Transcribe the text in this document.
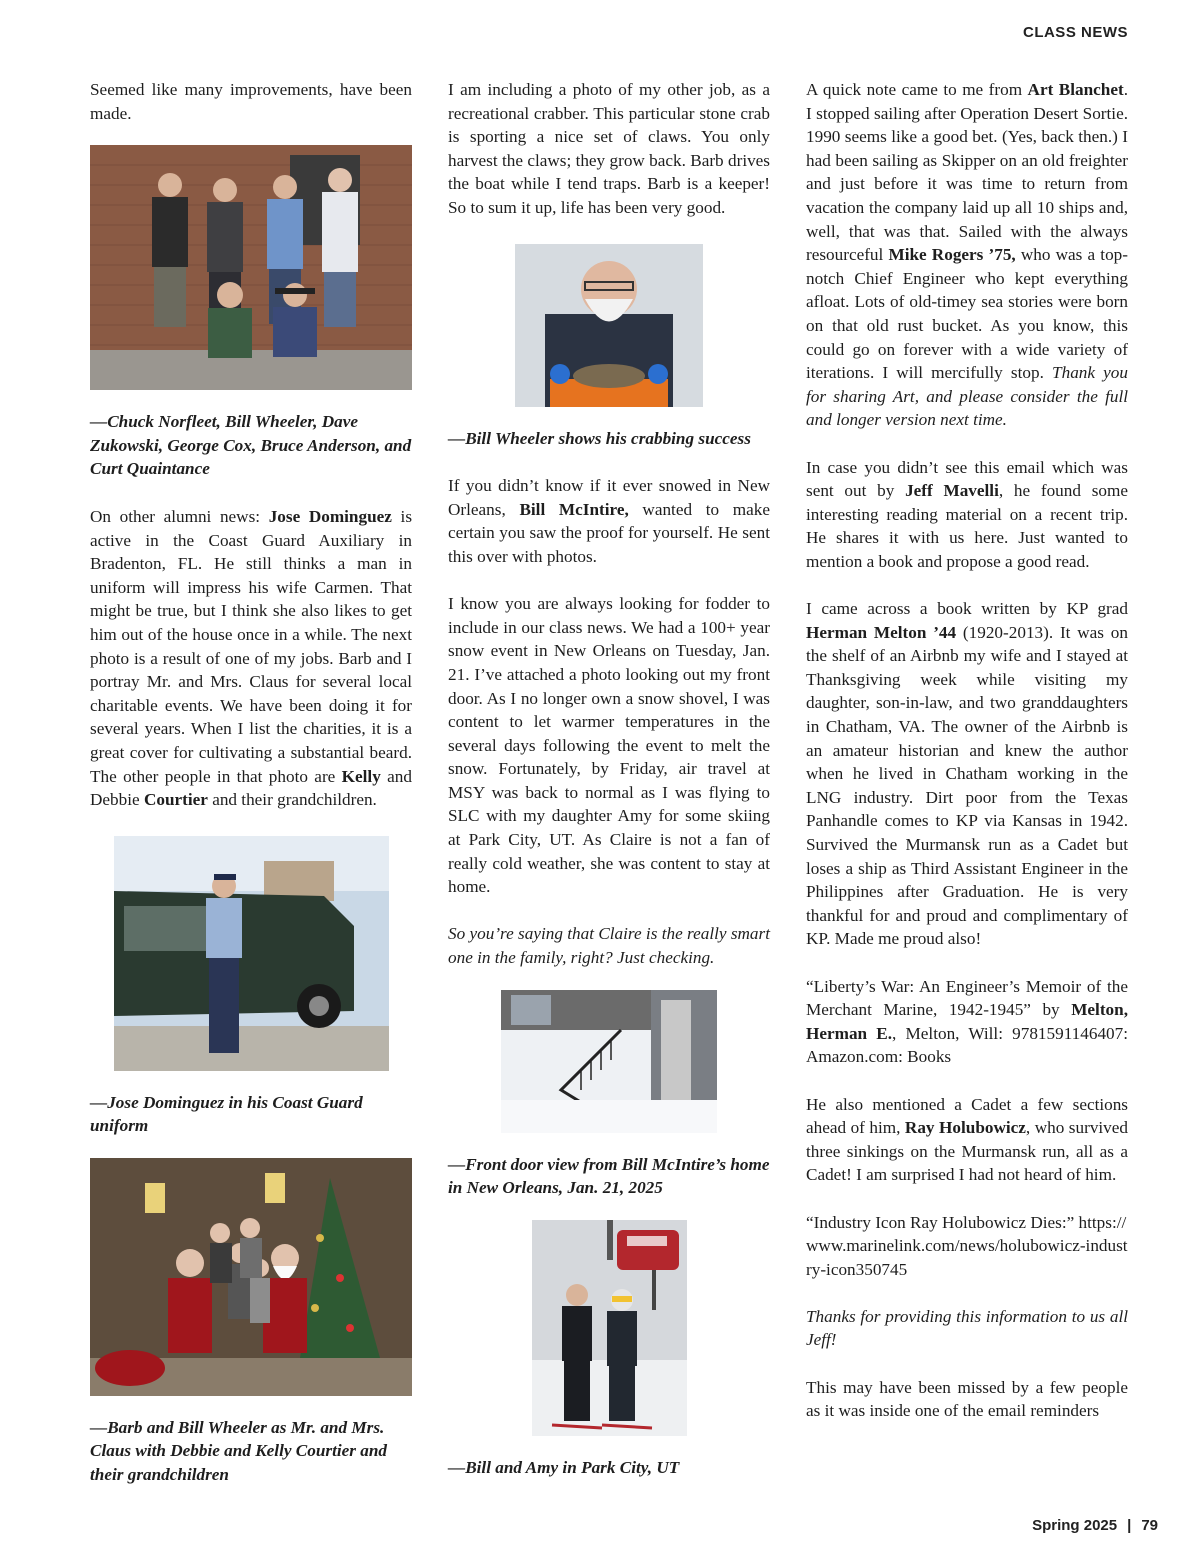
CLASS NEWS

Seemed like many improvements, have been made.

—Chuck Norfleet, Bill Wheeler, Dave Zukowski, George Cox, Bruce Anderson, and Curt Quaintance

On other alumni news: Jose Dominguez is active in the Coast Guard Auxiliary in Bradenton, FL. He still thinks a man in uniform will impress his wife Carmen. That might be true, but I think she also likes to get him out of the house once in a while. The next photo is a result of one of my jobs. Barb and I portray Mr. and Mrs. Claus for several local charitable events. We have been doing it for several years. When I list the charities, it is a great cover for cultivating a substantial beard. The other people in that photo are Kelly and Debbie Courtier and their grandchildren.

—Jose Dominguez in his Coast Guard uniform

—Barb and Bill Wheeler as Mr. and Mrs. Claus with Debbie and Kelly Courtier and their grandchildren

I am including a photo of my other job, as a recreational crabber. This particular stone crab is sporting a nice set of claws. You only harvest the claws; they grow back. Barb drives the boat while I tend traps. Barb is a keeper! So to sum it up, life has been very good.

—Bill Wheeler shows his crabbing success

If you didn’t know if it ever snowed in New Orleans, Bill McIntire, wanted to make certain you saw the proof for yourself. He sent this over with photos.

I know you are always looking for fodder to include in our class news. We had a 100+ year snow event in New Orleans on Tuesday, Jan. 21. I’ve attached a photo looking out my front door. As I no longer own a snow shovel, I was content to let warmer temperatures in the several days following the event to melt the snow. Fortunately, by Friday, air travel at MSY was back to normal as I was flying to SLC with my daughter Amy for some skiing at Park City, UT. As Claire is not a fan of really cold weather, she was content to stay at home.

So you’re saying that Claire is the really smart one in the family, right? Just checking.

—Front door view from Bill McIntire’s home in New Orleans, Jan. 21, 2025

—Bill and Amy in Park City, UT

A quick note came to me from Art Blanchet. I stopped sailing after Operation Desert Sortie. 1990 seems like a good bet. (Yes, back then.) I had been sailing as Skipper on an old freighter and just before it was time to return from vacation the company laid up all 10 ships and, well, that was that. Sailed with the always resourceful Mike Rogers ’75, who was a top-notch Chief Engineer who kept everything afloat. Lots of old-timey sea stories were born on that old rust bucket. As you know, this could go on forever with a wide variety of iterations. I will mercifully stop. Thank you for sharing Art, and please consider the full and longer version next time.

In case you didn’t see this email which was sent out by Jeff Mavelli, he found some interesting reading material on a recent trip. He shares it with us here. Just wanted to mention a book and propose a good read.

I came across a book written by KP grad Herman Melton ’44 (1920-2013). It was on the shelf of an Airbnb my wife and I stayed at Thanksgiving week while visiting my daughter, son-in-law, and two granddaughters in Chatham, VA. The owner of the Airbnb is an amateur historian and knew the author when he lived in Chatham working in the LNG industry. Dirt poor from the Texas Panhandle comes to KP via Kansas in 1942. Survived the Murmansk run as a Cadet but loses a ship as Third Assistant Engineer in the Philippines after Graduation. He is very thankful for and proud and complimentary of KP. Made me proud also!

“Liberty’s War: An Engineer’s Memoir of the Merchant Marine, 1942-1945” by Melton, Herman E., Melton, Will: 9781591146407: Amazon.com: Books

He also mentioned a Cadet a few sections ahead of him, Ray Holubowicz, who survived three sinkings on the Murmansk run, all as a Cadet! I am surprised I had not heard of him.

“Industry Icon Ray Holubowicz Dies:” https://www.marinelink.com/news/holubowicz-industry-icon350745

Thanks for providing this information to us all Jeff!

This may have been missed by a few people as it was inside one of the email reminders

Spring 2025 | 79
